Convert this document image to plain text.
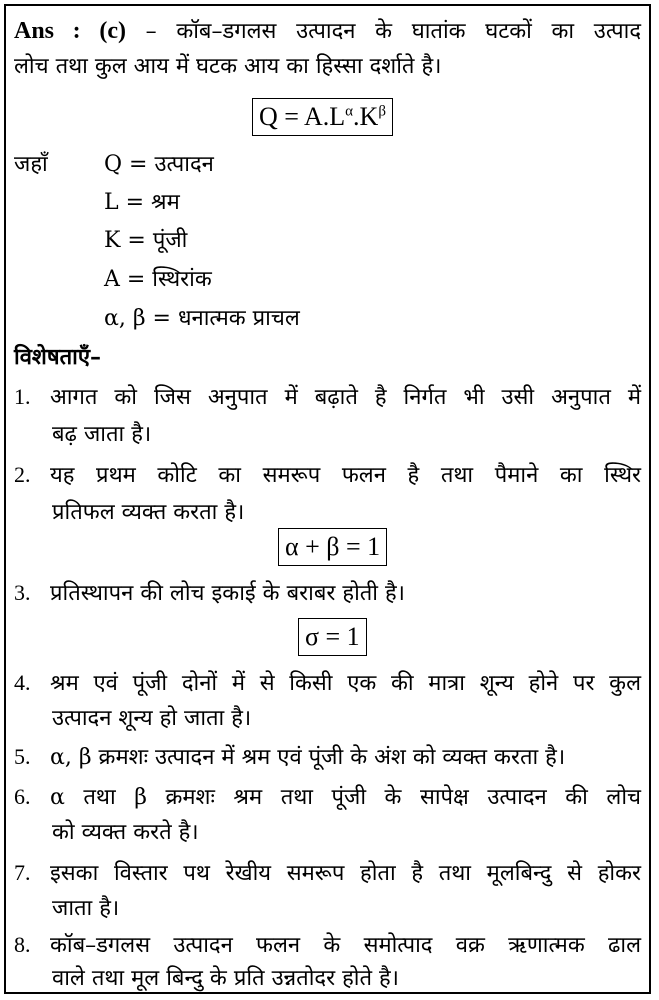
Ans : (c) – कॉब–डगलस उत्पादन के घातांक घटकों का उत्पाद
लोच तथा कुल आय में घटक आय का हिस्सा दर्शाते है।
$Q = A.L^\alpha.K^\beta$
जहाँ	Q = उत्पादन
L = श्रम
K = पूंजी
A = स्थिरांक
α, β = धनात्मक प्राचल
विशेषताएँ–
1. आगत को जिस अनुपात में बढ़ाते है निर्गत भी उसी अनुपात में
बढ़ जाता है।
2. यह प्रथम कोटि का समरूप फलन है तथा पैमाने का स्थिर
प्रतिफल व्यक्त करता है।
α + β = 1
3. प्रतिस्थापन की लोच इकाई के बराबर होती है।
σ = 1
4. श्रम एवं पूंजी दोनों में से किसी एक की मात्रा शून्य होने पर कुल
उत्पादन शून्य हो जाता है।
5. α, β क्रमशः उत्पादन में श्रम एवं पूंजी के अंश को व्यक्त करता है।
6. α तथा β क्रमशः श्रम तथा पूंजी के सापेक्ष उत्पादन की लोच
को व्यक्त करते है।
7. इसका विस्तार पथ रेखीय समरूप होता है तथा मूलबिन्दु से होकर
जाता है।
8. कॉब–डगलस उत्पादन फलन के समोत्पाद वक्र ऋणात्मक ढाल
वाले तथा मूल बिन्दु के प्रति उन्नतोदर होते है।
